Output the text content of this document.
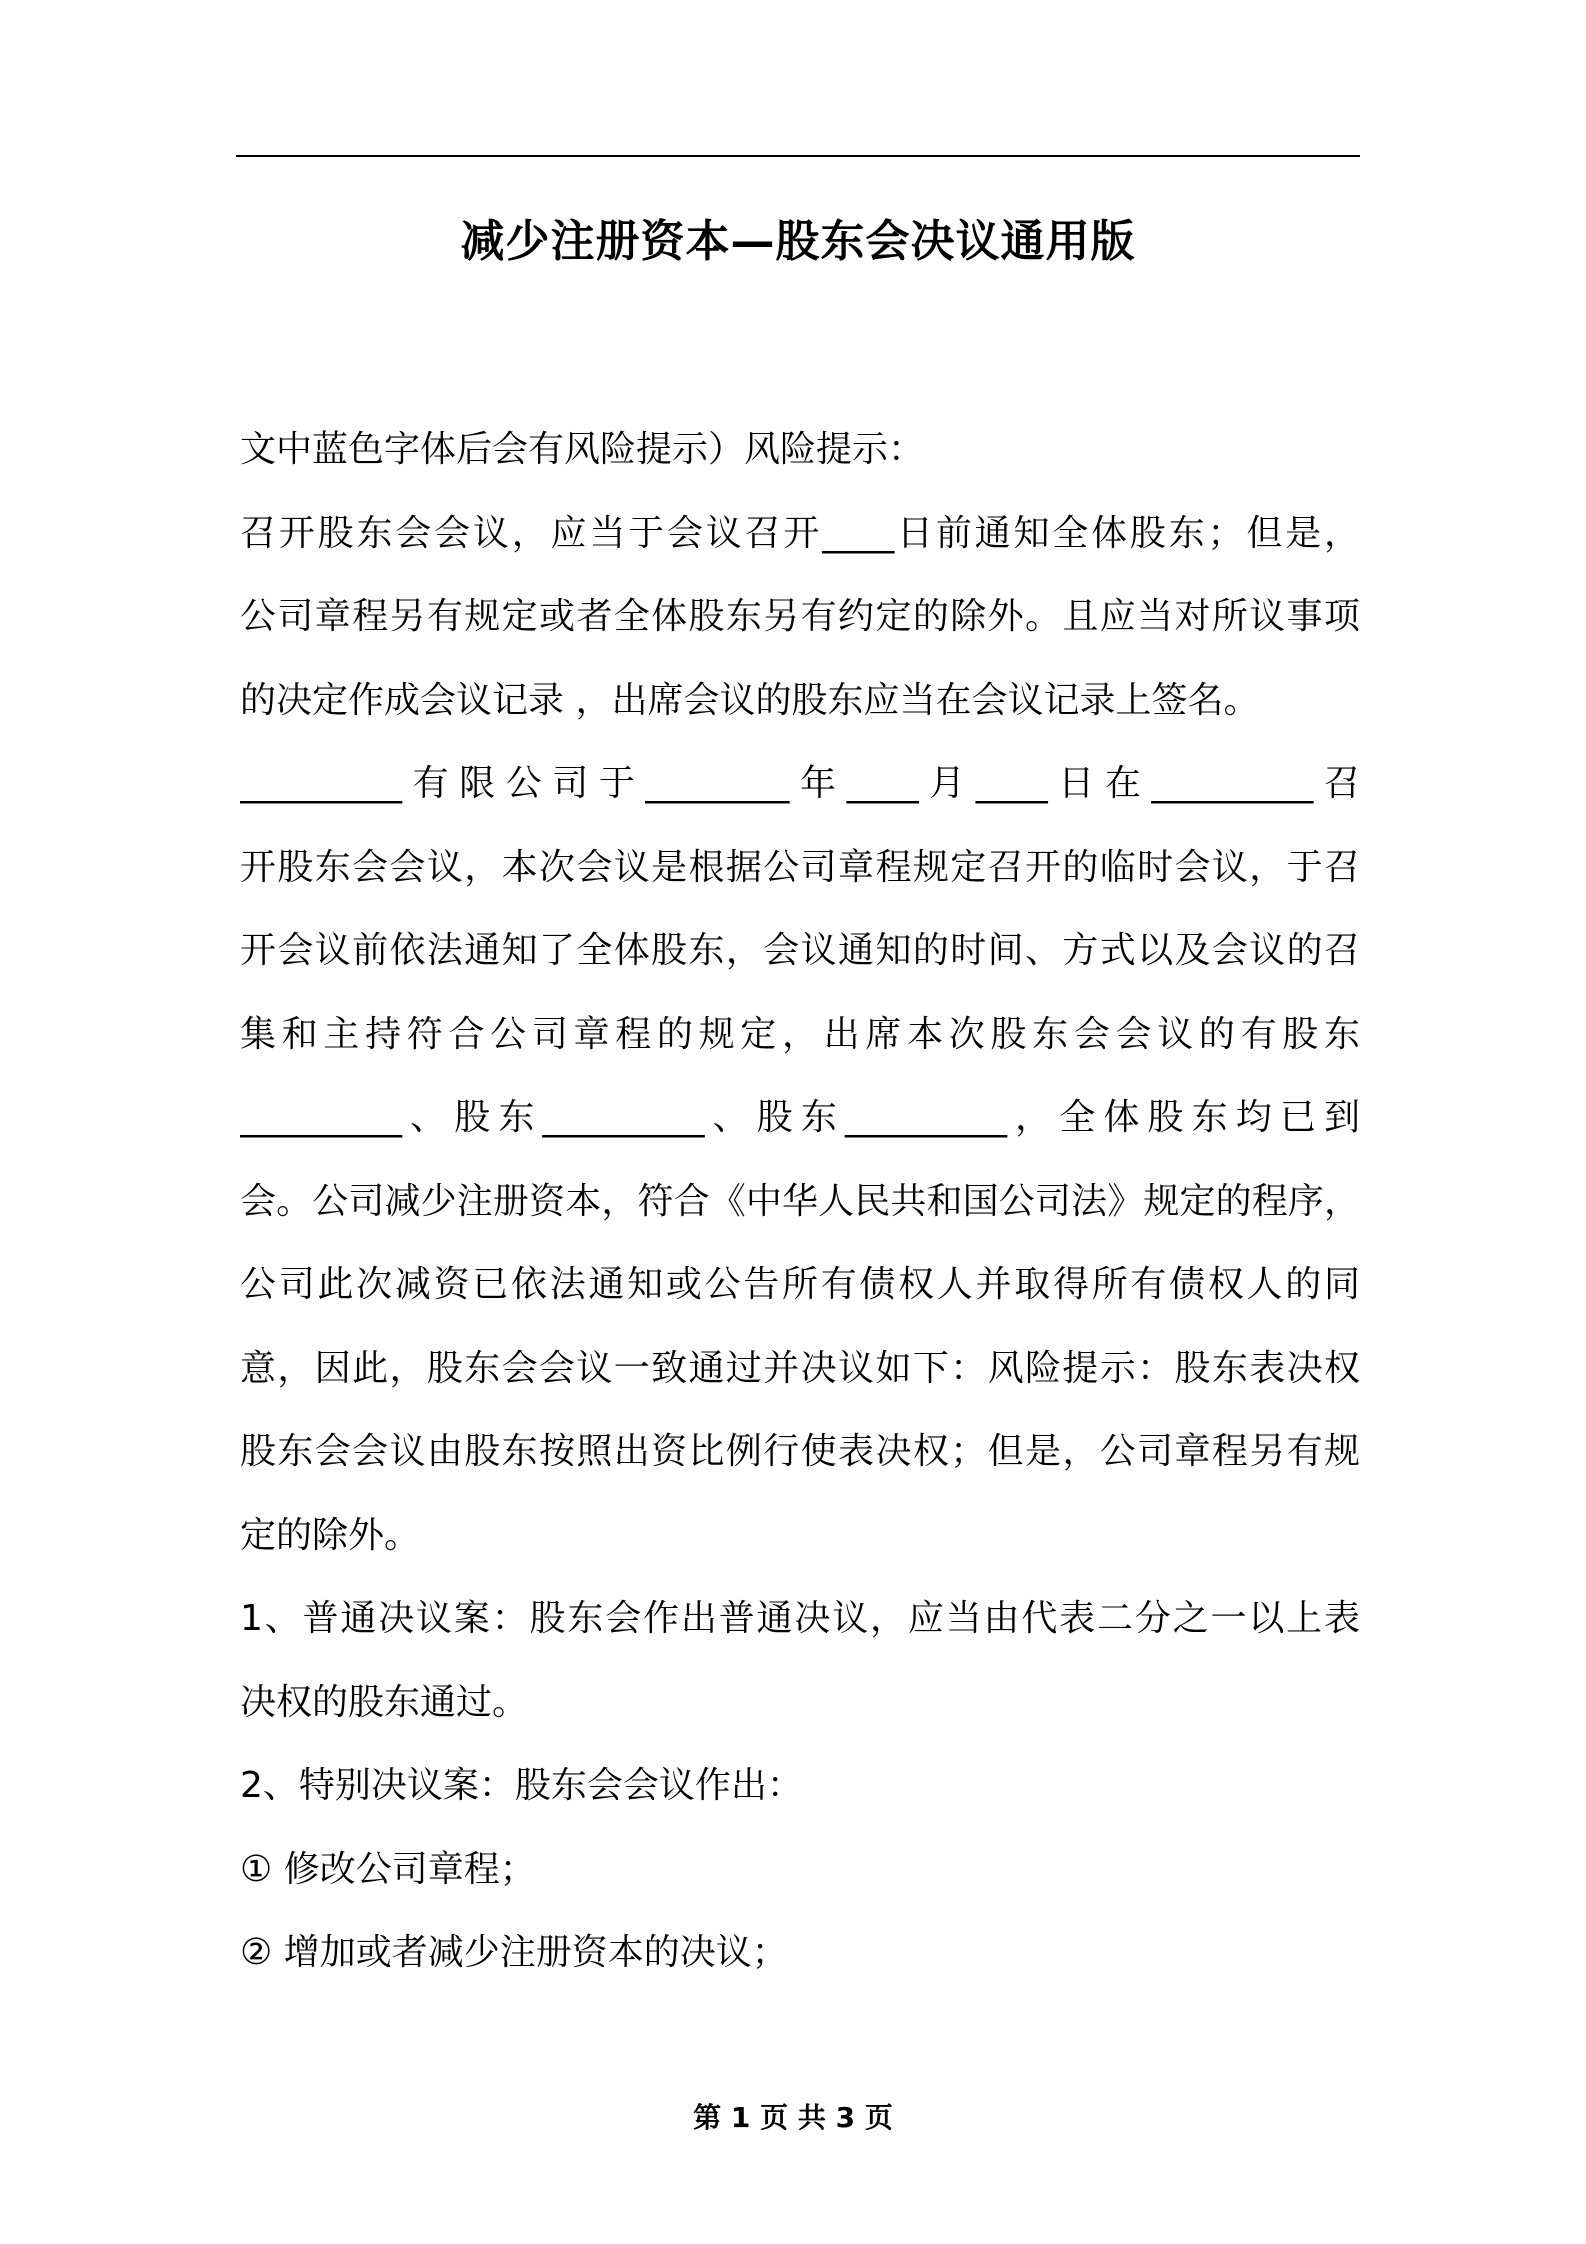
减少注册资本—股东会决议通用版
文中蓝色字体后会有风险提示）风险提示：
召开股东会会议，应当于会议召开____日前通知全体股东；但是，
公司章程另有规定或者全体股东另有约定的除外。且应当对所议事项
的决定作成会议记录 ，出席会议的股东应当在会议记录上签名。
_________有限公司于________年____月____日在_________召
开股东会会议，本次会议是根据公司章程规定召开的临时会议，于召
开会议前依法通知了全体股东，会议通知的时间、方式以及会议的召
集和主持符合公司章程的规定，出席本次股东会会议的有股东
_________、股东_________、股东_________，全体股东均已到
会。公司减少注册资本，符合《中华人民共和国公司法》规定的程序，
公司此次减资已依法通知或公告所有债权人并取得所有债权人的同
意，因此，股东会会议一致通过并决议如下：风险提示：股东表决权
股东会会议由股东按照出资比例行使表决权；但是，公司章程另有规
定的除外。
1、普通决议案：股东会作出普通决议，应当由代表二分之一以上表
决权的股东通过。
2、特别决议案：股东会会议作出：
① 修改公司章程；
② 增加或者减少注册资本的决议；
第 1 页 共 3 页
